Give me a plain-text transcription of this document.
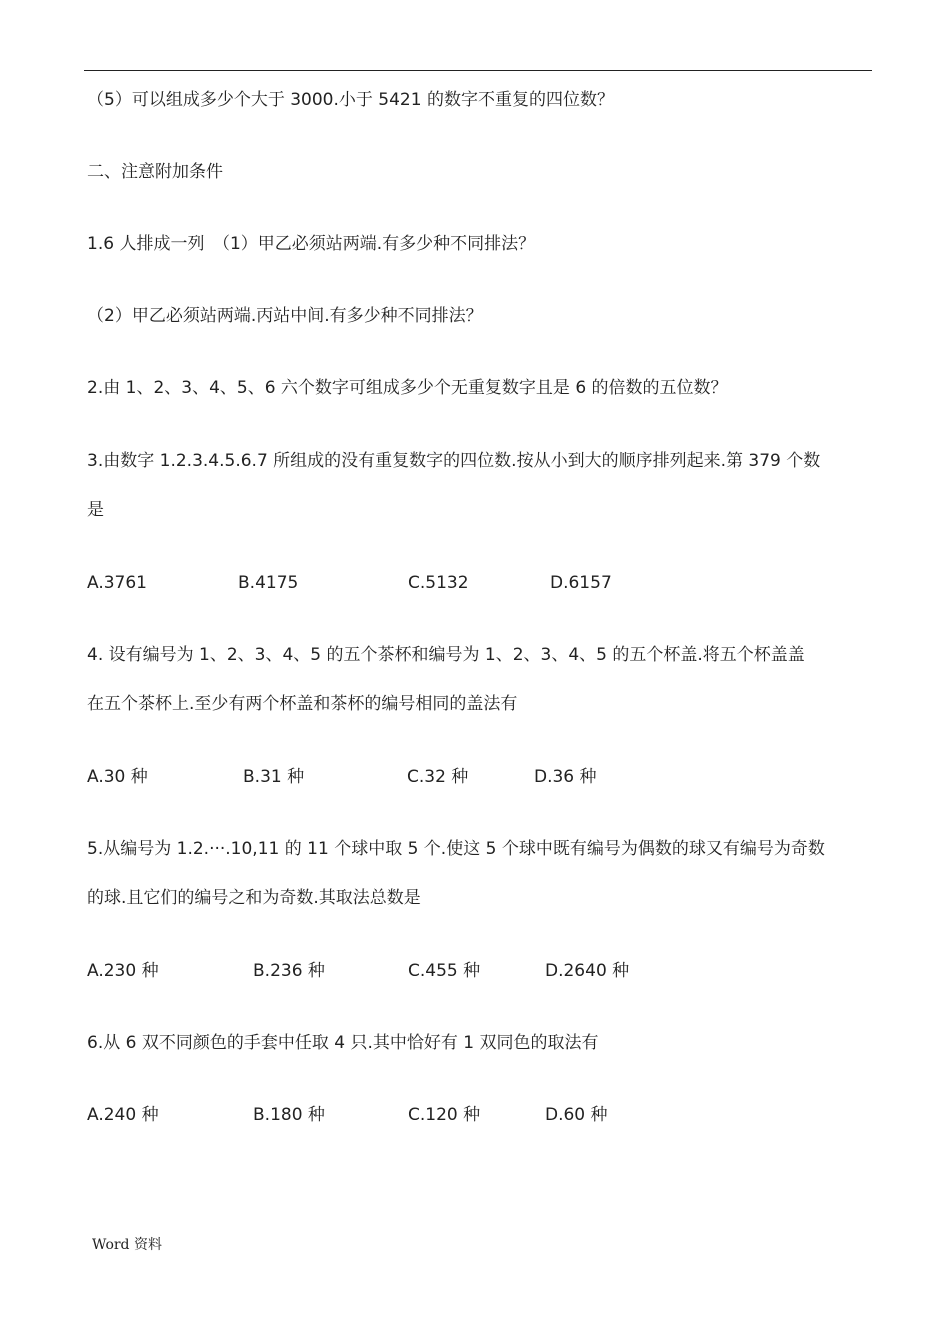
（5）可以组成多少个大于 3000.小于 5421 的数字不重复的四位数？
二、注意附加条件
1.6 人排成一列　（1）甲乙必须站两端.有多少种不同排法？
（2）甲乙必须站两端.丙站中间.有多少种不同排法？
2.由 1、2、3、4、5、6 六个数字可组成多少个无重复数字且是 6 的倍数的五位数？
3.由数字 1.2.3.4.5.6.7 所组成的没有重复数字的四位数.按从小到大的顺序排列起来.第 379 个数
是
A.3761	B.4175	C.5132	D.6157
4. 设有编号为 1、2、3、4、5 的五个茶杯和编号为 1、2、3、4、5 的五个杯盖.将五个杯盖盖
在五个茶杯上.至少有两个杯盖和茶杯的编号相同的盖法有
A.30 种	B.31 种	C.32 种	D.36 种
5.从编号为 1.2.···.10,11 的 11 个球中取 5 个.使这 5 个球中既有编号为偶数的球又有编号为奇数
的球.且它们的编号之和为奇数.其取法总数是
A.230 种	B.236 种	C.455 种	D.2640 种
6.从 6 双不同颜色的手套中任取 4 只.其中恰好有 1 双同色的取法有
A.240 种	B.180 种	C.120 种	D.60 种
Word 资料
